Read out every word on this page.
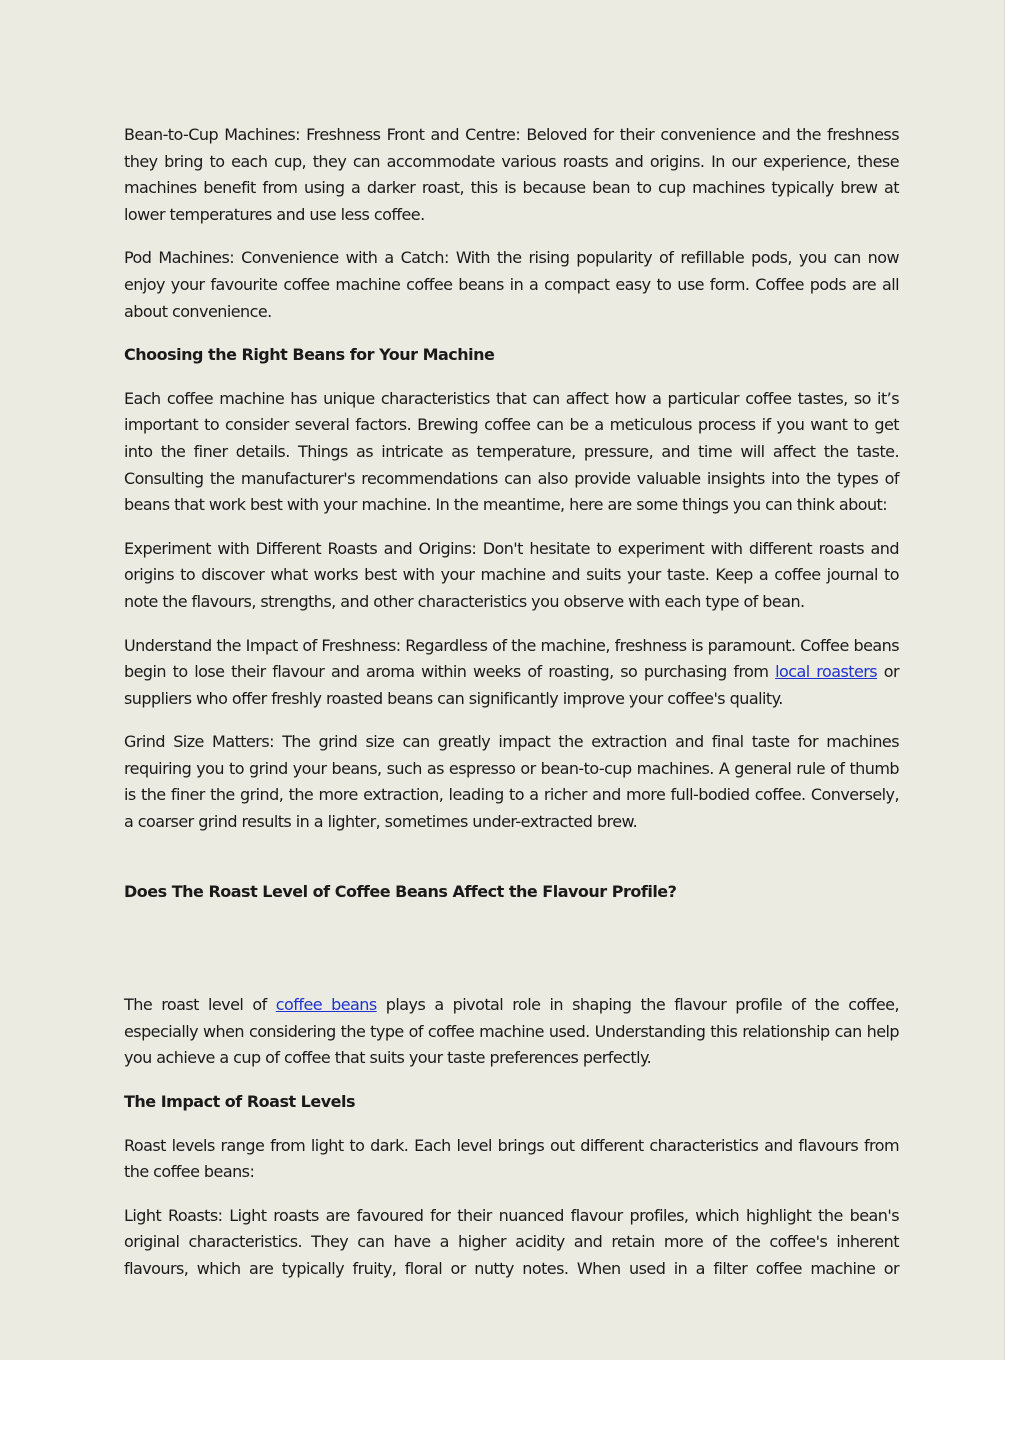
Bean-to-Cup Machines: Freshness Front and Centre: Beloved for their convenience and the freshness they bring to each cup, they can accommodate various roasts and origins. In our experience, these machines benefit from using a darker roast, this is because bean to cup machines typically brew at lower temperatures and use less coffee.

Pod Machines: Convenience with a Catch: With the rising popularity of refillable pods, you can now enjoy your favourite coffee machine coffee beans in a compact easy to use form. Coffee pods are all about convenience.

Choosing the Right Beans for Your Machine

Each coffee machine has unique characteristics that can affect how a particular coffee tastes, so it’s important to consider several factors. Brewing coffee can be a meticulous process if you want to get into the finer details. Things as intricate as temperature, pressure, and time will affect the taste. Consulting the manufacturer's recommendations can also provide valuable insights into the types of beans that work best with your machine. In the meantime, here are some things you can think about:

Experiment with Different Roasts and Origins: Don't hesitate to experiment with different roasts and origins to discover what works best with your machine and suits your taste. Keep a coffee journal to note the flavours, strengths, and other characteristics you observe with each type of bean.

Understand the Impact of Freshness: Regardless of the machine, freshness is paramount. Coffee beans begin to lose their flavour and aroma within weeks of roasting, so purchasing from local roasters or suppliers who offer freshly roasted beans can significantly improve your coffee's quality.

Grind Size Matters: The grind size can greatly impact the extraction and final taste for machines requiring you to grind your beans, such as espresso or bean-to-cup machines. A general rule of thumb is the finer the grind, the more extraction, leading to a richer and more full-bodied coffee. Conversely, a coarser grind results in a lighter, sometimes under-extracted brew.

Does The Roast Level of Coffee Beans Affect the Flavour Profile?

The roast level of coffee beans plays a pivotal role in shaping the flavour profile of the coffee, especially when considering the type of coffee machine used. Understanding this relationship can help you achieve a cup of coffee that suits your taste preferences perfectly.

The Impact of Roast Levels

Roast levels range from light to dark. Each level brings out different characteristics and flavours from the coffee beans:

Light Roasts: Light roasts are favoured for their nuanced flavour profiles, which highlight the bean's original characteristics. They can have a higher acidity and retain more of the coffee's inherent flavours, which are typically fruity, floral or nutty notes. When used in a filter coffee machine or
